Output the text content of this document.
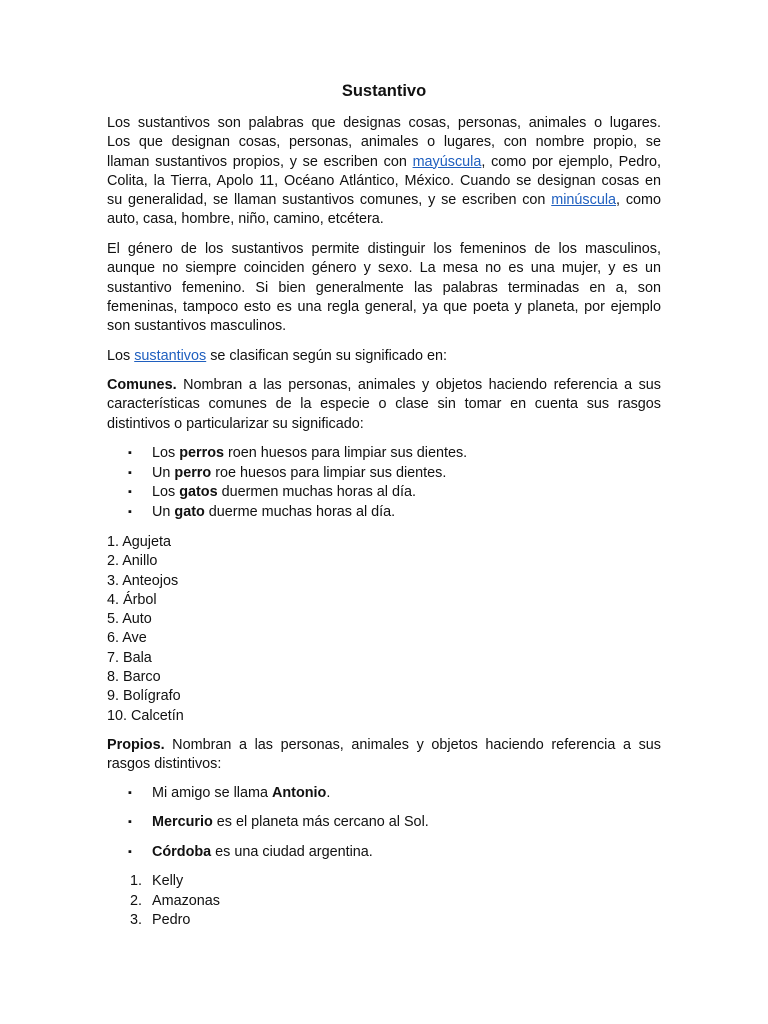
Sustantivo
Los sustantivos son palabras que designas cosas, personas, animales o lugares.
Los que designan cosas, personas, animales o lugares, con nombre propio, se
llaman sustantivos propios, y se escriben con mayúscula, como por ejemplo, Pedro,
Colita, la Tierra, Apolo 11, Océano Atlántico, México. Cuando se designan cosas en
su generalidad, se llaman sustantivos comunes, y se escriben con minúscula, como
auto, casa, hombre, niño, camino, etcétera.
El género de los sustantivos permite distinguir los femeninos de los masculinos,
aunque no siempre coinciden género y sexo. La mesa no es una mujer, y es un
sustantivo femenino. Si bien generalmente las palabras terminadas en a, son
femeninas, tampoco esto es una regla general, ya que poeta y planeta, por ejemplo
son sustantivos masculinos.
Los sustantivos se clasifican según su significado en:
Comunes. Nombran a las personas, animales y objetos haciendo referencia a sus
características comunes de la especie o clase sin tomar en cuenta sus rasgos
distintivos o particularizar su significado:
▪ Los perros roen huesos para limpiar sus dientes.
▪ Un perro roe huesos para limpiar sus dientes.
▪ Los gatos duermen muchas horas al día.
▪ Un gato duerme muchas horas al día.
1. Agujeta
2. Anillo
3. Anteojos
4. Árbol
5. Auto
6. Ave
7. Bala
8. Barco
9. Bolígrafo
10. Calcetín
Propios. Nombran a las personas, animales y objetos haciendo referencia a sus
rasgos distintivos:
▪ Mi amigo se llama Antonio.
▪ Mercurio es el planeta más cercano al Sol.
▪ Córdoba es una ciudad argentina.
1. Kelly
2. Amazonas
3. Pedro
